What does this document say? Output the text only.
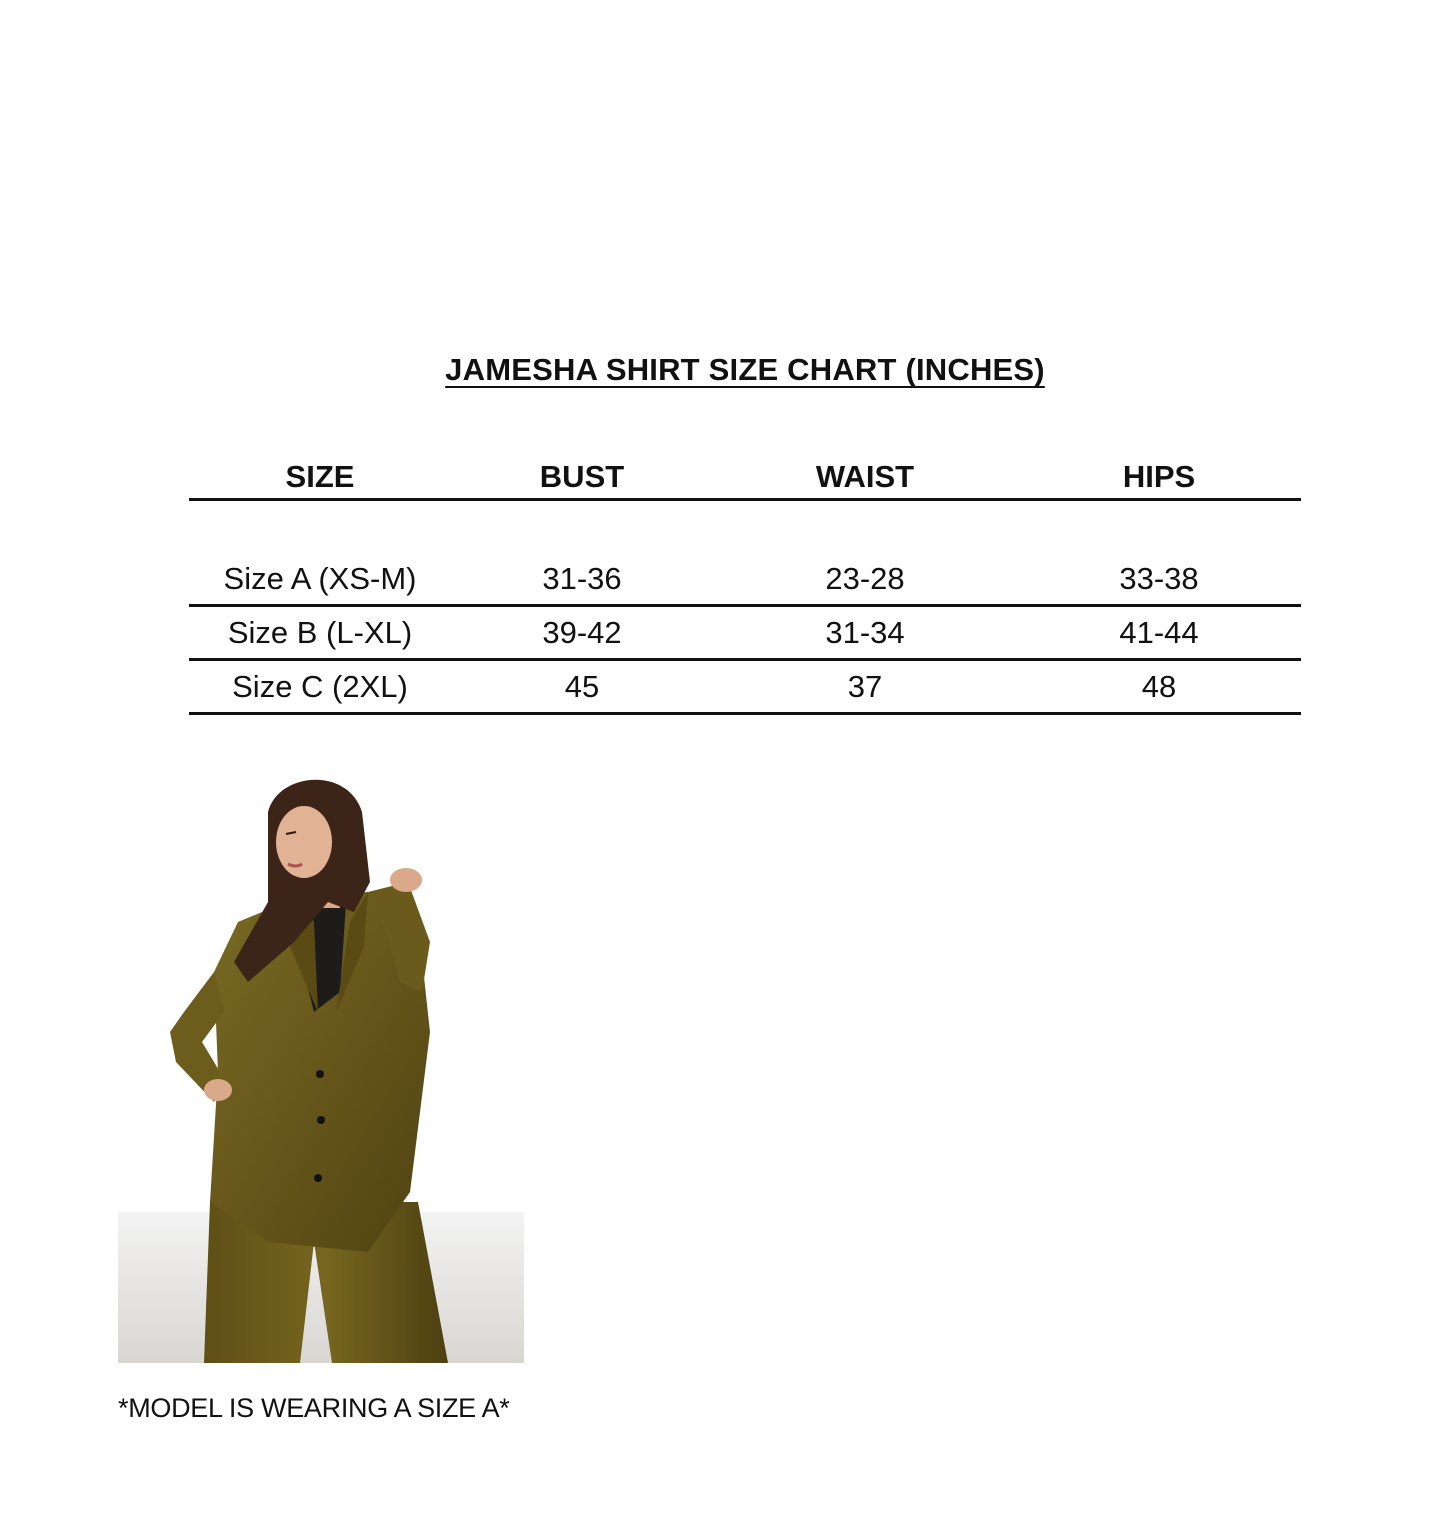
JAMESHA SHIRT SIZE CHART (INCHES)
SIZE	BUST	WAIST	HIPS
Size A (XS-M)	31-36	23-28	33-38
Size B (L-XL)	39-42	31-34	41-44
Size C (2XL)	45	37	48
*MODEL IS WEARING A SIZE A*
